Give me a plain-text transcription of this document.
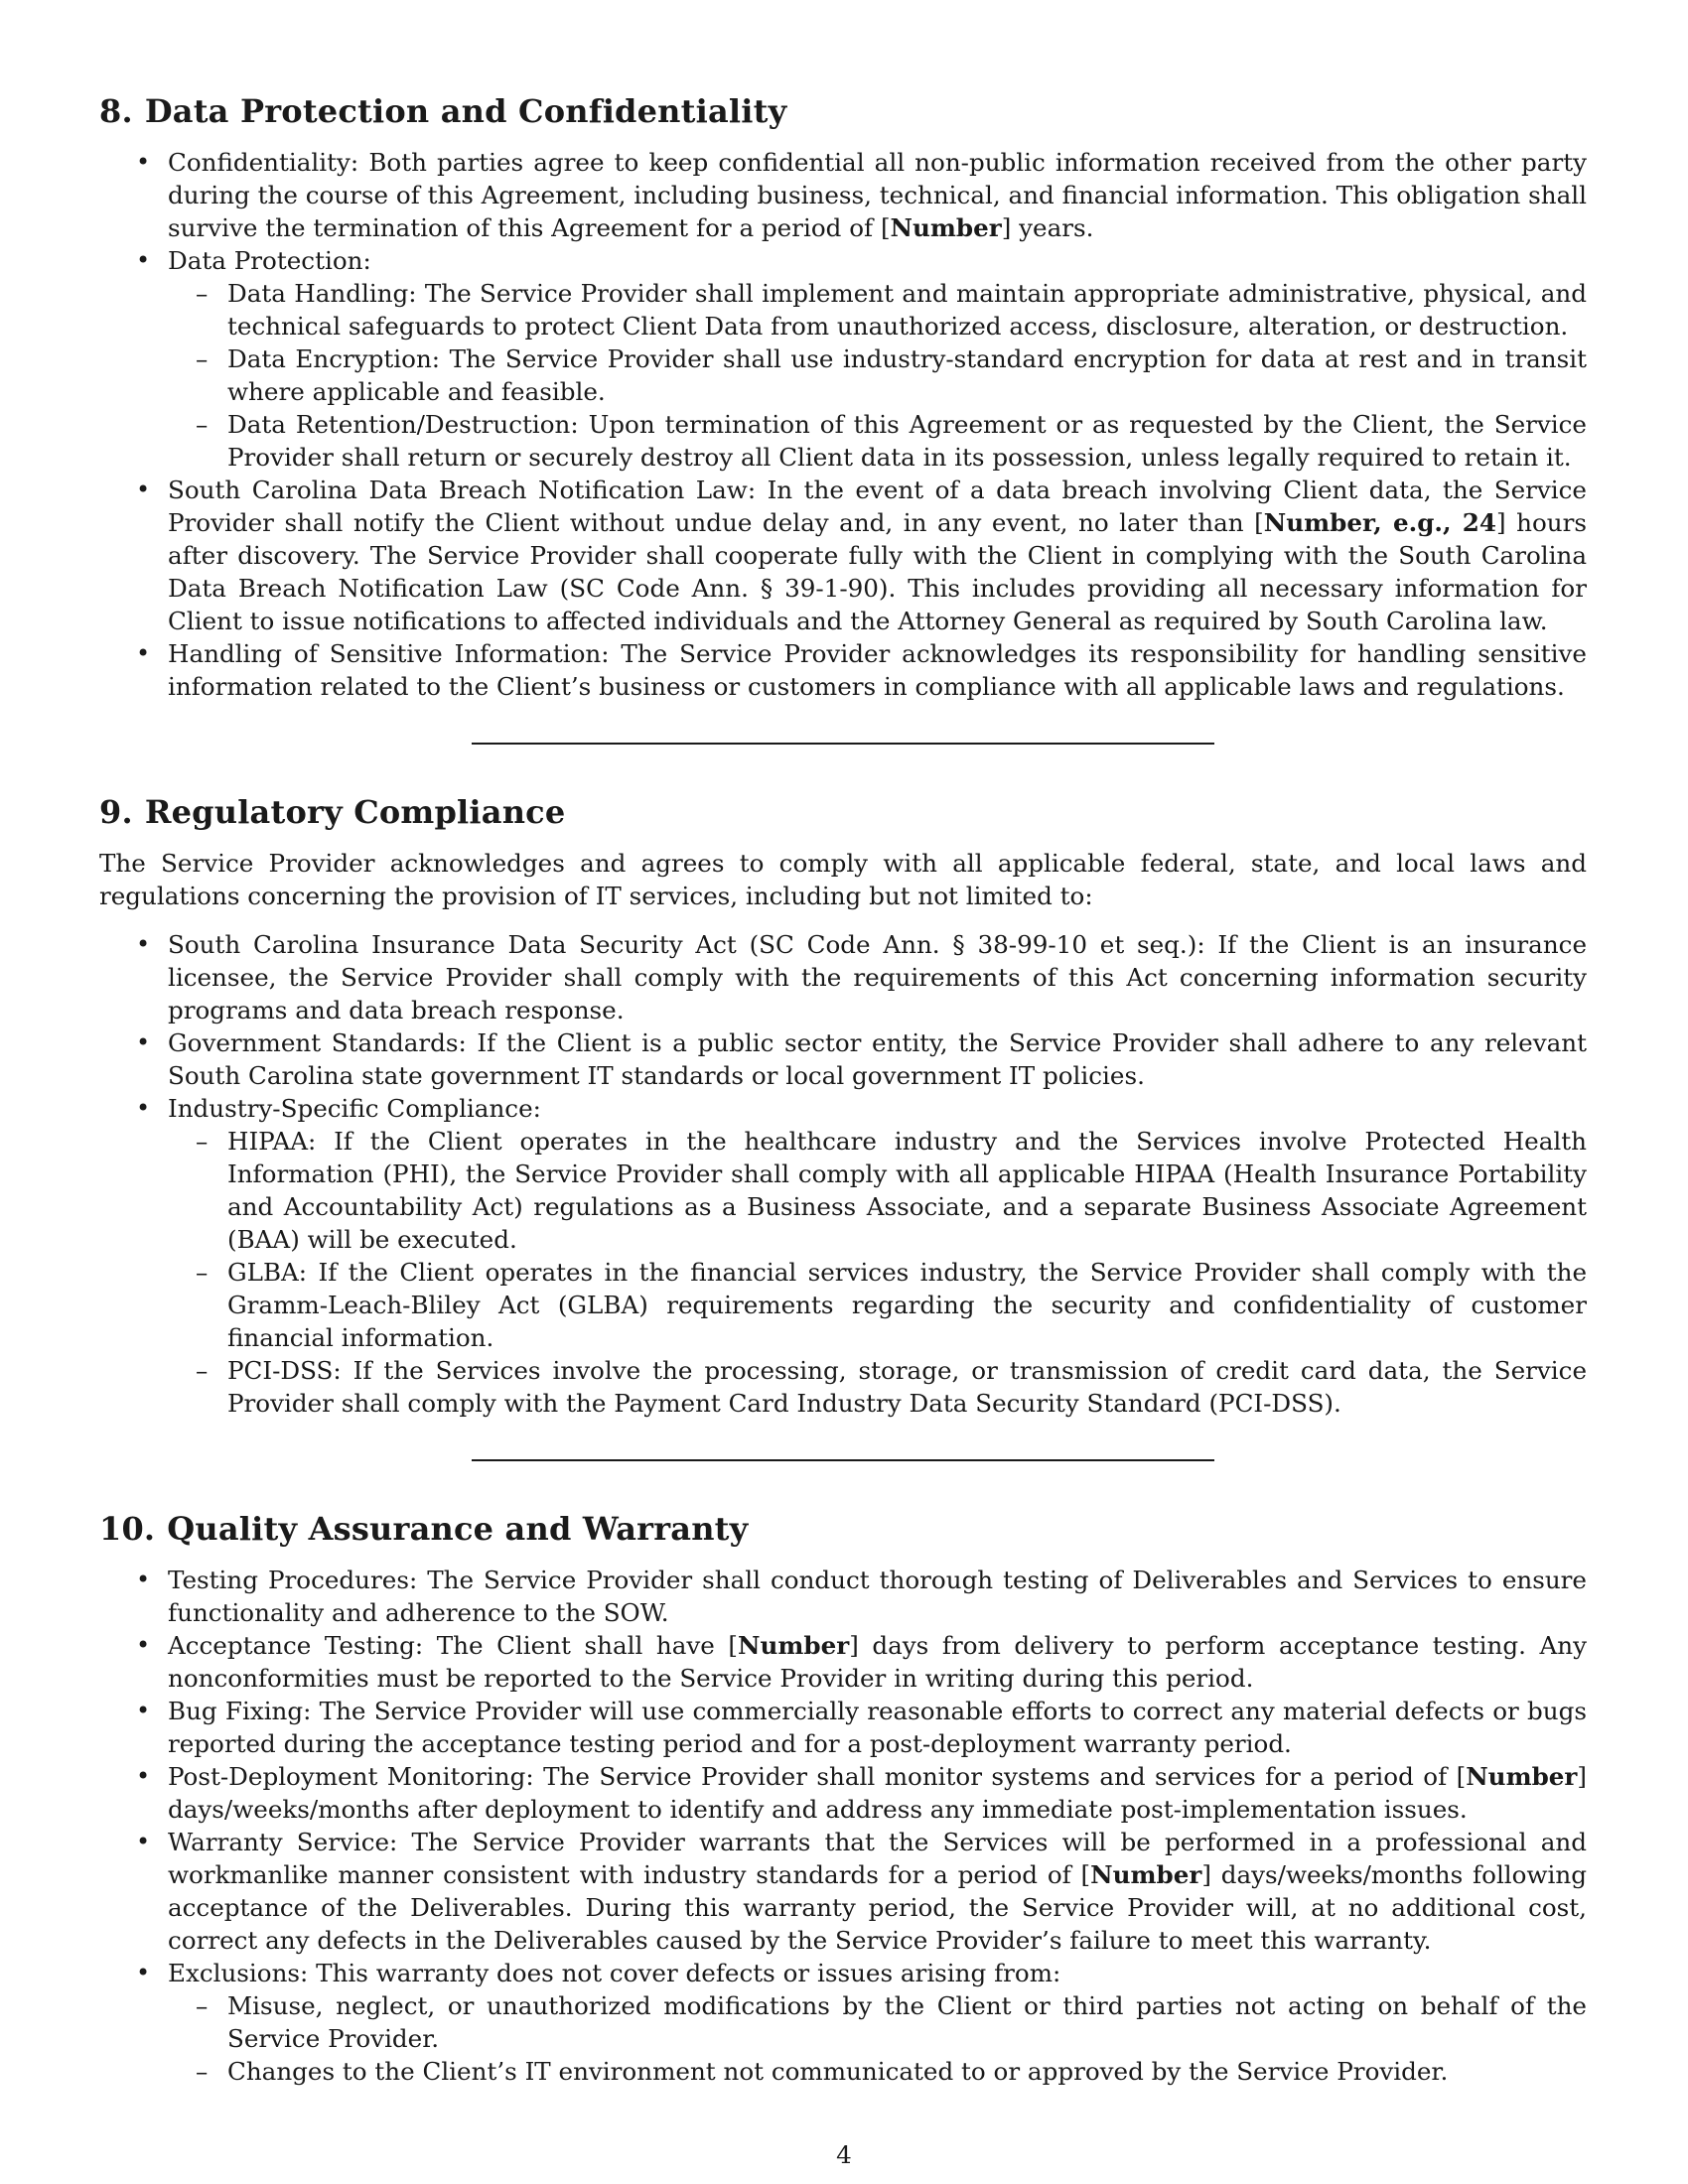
8. Data Protection and Confidentiality
• Confidentiality: Both parties agree to keep confidential all non-public information received from the other party during the course of this Agreement, including business, technical, and financial information. This obligation shall survive the termination of this Agreement for a period of [Number] years.
• Data Protection:
– Data Handling: The Service Provider shall implement and maintain appropriate administrative, physical, and technical safeguards to protect Client Data from unauthorized access, disclosure, alteration, or destruction.
– Data Encryption: The Service Provider shall use industry-standard encryption for data at rest and in transit where applicable and feasible.
– Data Retention/Destruction: Upon termination of this Agreement or as requested by the Client, the Service Provider shall return or securely destroy all Client data in its possession, unless legally required to retain it.
• South Carolina Data Breach Notification Law: In the event of a data breach involving Client data, the Service Provider shall notify the Client without undue delay and, in any event, no later than [Number, e.g., 24] hours after discovery. The Service Provider shall cooperate fully with the Client in complying with the South Carolina Data Breach Notification Law (SC Code Ann. § 39-1-90). This includes providing all necessary information for Client to issue notifications to affected individuals and the Attorney General as required by South Carolina law.
• Handling of Sensitive Information: The Service Provider acknowledges its responsibility for handling sensitive information related to the Client’s business or customers in compliance with all applicable laws and regulations.
9. Regulatory Compliance

The Service Provider acknowledges and agrees to comply with all applicable federal, state, and local laws and regulations concerning the provision of IT services, including but not limited to:

• South Carolina Insurance Data Security Act (SC Code Ann. § 38-99-10 et seq.): If the Client is an insurance licensee, the Service Provider shall comply with the requirements of this Act concerning information security programs and data breach response.
• Government Standards: If the Client is a public sector entity, the Service Provider shall adhere to any relevant South Carolina state government IT standards or local government IT policies.
• Industry-Specific Compliance:
– HIPAA: If the Client operates in the healthcare industry and the Services involve Protected Health Information (PHI), the Service Provider shall comply with all applicable HIPAA (Health Insurance Portability and Accountability Act) regulations as a Business Associate, and a separate Business Associate Agreement (BAA) will be executed.
– GLBA: If the Client operates in the financial services industry, the Service Provider shall comply with the Gramm-Leach-Bliley Act (GLBA) requirements regarding the security and confidentiality of customer financial information.
– PCI-DSS: If the Services involve the processing, storage, or transmission of credit card data, the Service Provider shall comply with the Payment Card Industry Data Security Standard (PCI-DSS).
10. Quality Assurance and Warranty
• Testing Procedures: The Service Provider shall conduct thorough testing of Deliverables and Services to ensure functionality and adherence to the SOW.
• Acceptance Testing: The Client shall have [Number] days from delivery to perform acceptance testing. Any nonconformities must be reported to the Service Provider in writing during this period.
• Bug Fixing: The Service Provider will use commercially reasonable efforts to correct any material defects or bugs reported during the acceptance testing period and for a post-deployment warranty period.
• Post-Deployment Monitoring: The Service Provider shall monitor systems and services for a period of [Number] days/weeks/months after deployment to identify and address any immediate post-implementation issues.
• Warranty Service: The Service Provider warrants that the Services will be performed in a professional and workmanlike manner consistent with industry standards for a period of [Number] days/weeks/months following acceptance of the Deliverables. During this warranty period, the Service Provider will, at no additional cost, correct any defects in the Deliverables caused by the Service Provider’s failure to meet this warranty.
• Exclusions: This warranty does not cover defects or issues arising from:
– Misuse, neglect, or unauthorized modifications by the Client or third parties not acting on behalf of the Service Provider.
– Changes to the Client’s IT environment not communicated to or approved by the Service Provider.
4
